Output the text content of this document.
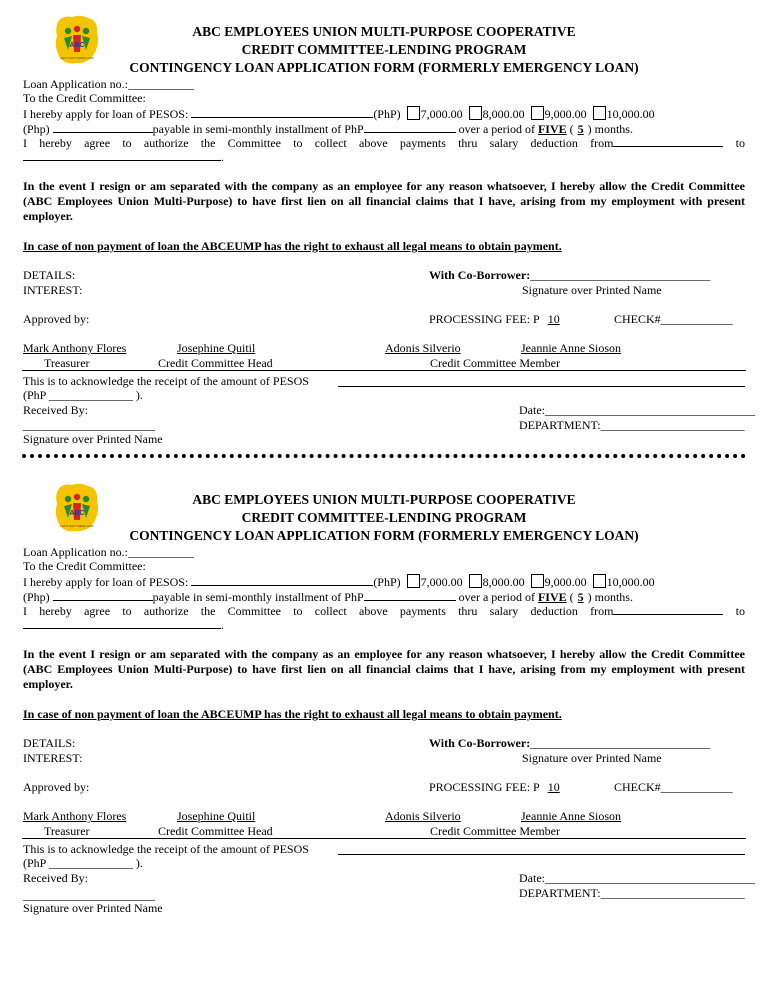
ABC
LET'S GET THERE 2030
ABC EMPLOYEES UNION MULTI-PURPOSE COOPERATIVE
CREDIT COMMITTEE-LENDING PROGRAM
CONTINGENCY LOAN APPLICATION FORM (FORMERLY EMERGENCY LOAN)
Loan Application no.:___________
To the Credit Committee:
I hereby apply for loan of PESOS:	(PhP) 7,000.00 8,000.00 9,000.00 10,000.00
(Php)	payable in semi-monthly installment of PhP	over a period of FIVE ( 5 ) months.
I hereby agree to authorize the Committee to collect above payments thru salary deduction from	to
.
In the event I resign or am separated with the company as an employee for any reason whatsoever, I hereby allow the Credit Committee (ABC Employees Union Multi-Purpose) to have first lien on all financial claims that I have, arising from my employment with present employer.
In case of non payment of loan the ABCEUMP has the right to exhaust all legal means to obtain payment.
DETAILS:
INTEREST:
With Co-Borrower:______________________________
Signature over Printed Name
Approved by:	PROCESSING FEE: P 10	CHECK#____________
Mark Anthony Flores	Josephine Quitil	Adonis Silverio	Jeannie Anne Sioson
Treasurer	Credit Committee Head	Credit Committee Member
This is to acknowledge the receipt of the amount of PESOS
(PhP ______________ ).
Received By:
______________________
Signature over Printed Name
Date:___________________________________
DEPARTMENT:________________________
ABC
LET'S GET THERE 2030
ABC EMPLOYEES UNION MULTI-PURPOSE COOPERATIVE
CREDIT COMMITTEE-LENDING PROGRAM
CONTINGENCY LOAN APPLICATION FORM (FORMERLY EMERGENCY LOAN)
Loan Application no.:___________
To the Credit Committee:
I hereby apply for loan of PESOS:	(PhP) 7,000.00 8,000.00 9,000.00 10,000.00
(Php)	payable in semi-monthly installment of PhP	over a period of FIVE ( 5 ) months.
I hereby agree to authorize the Committee to collect above payments thru salary deduction from	to
.
In the event I resign or am separated with the company as an employee for any reason whatsoever, I hereby allow the Credit Committee (ABC Employees Union Multi-Purpose) to have first lien on all financial claims that I have, arising from my employment with present employer.
In case of non payment of loan the ABCEUMP has the right to exhaust all legal means to obtain payment.
DETAILS:
INTEREST:
With Co-Borrower:______________________________
Signature over Printed Name
Approved by:	PROCESSING FEE: P 10	CHECK#____________
Mark Anthony Flores	Josephine Quitil	Adonis Silverio	Jeannie Anne Sioson
Treasurer	Credit Committee Head	Credit Committee Member
This is to acknowledge the receipt of the amount of PESOS
(PhP ______________ ).
Received By:
______________________
Signature over Printed Name
Date:___________________________________
DEPARTMENT:________________________
